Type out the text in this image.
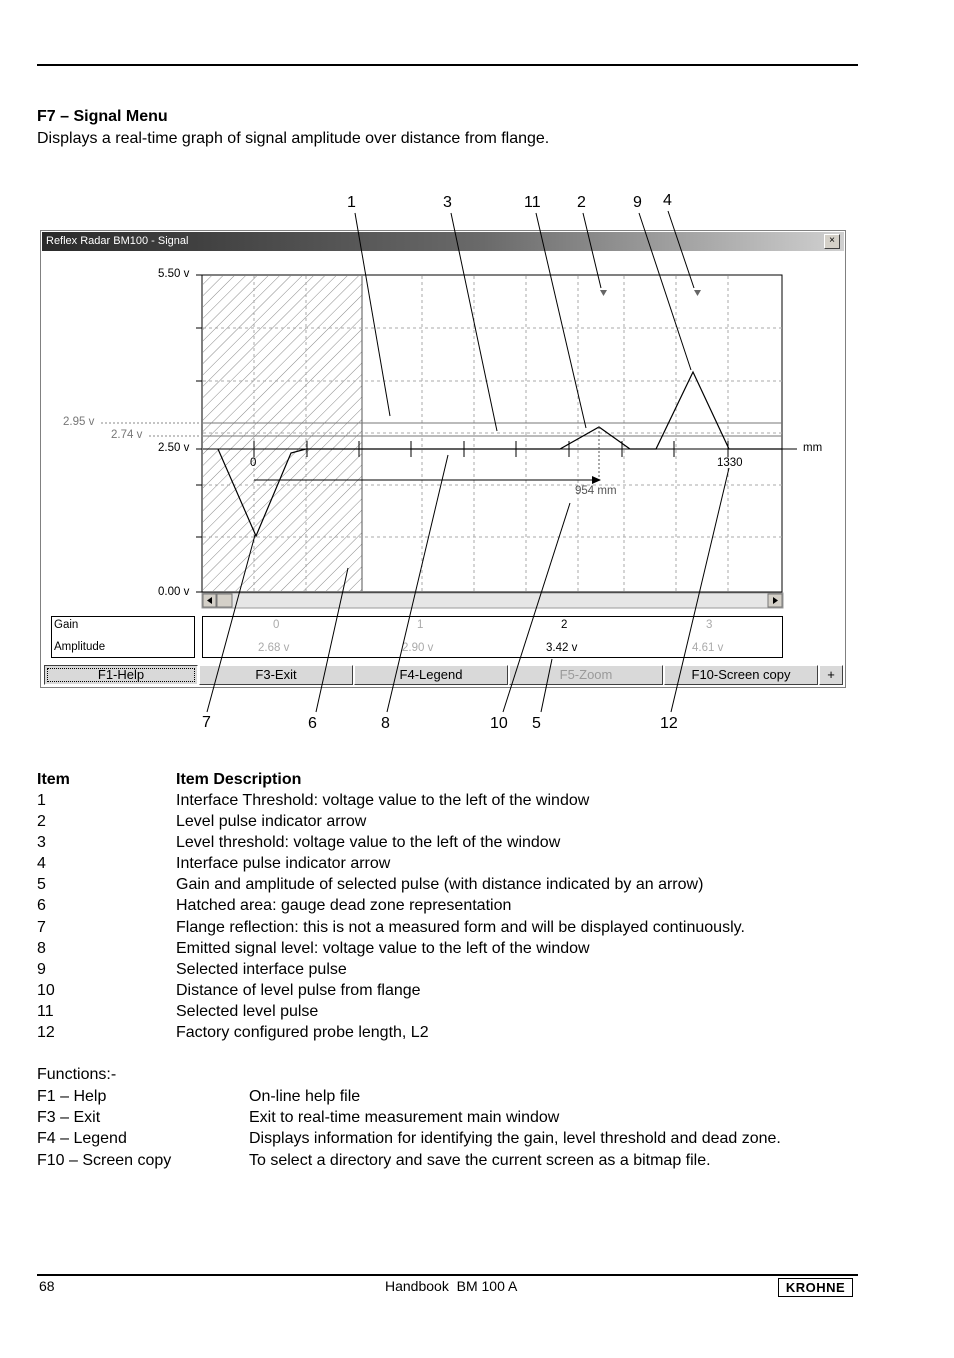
F7 – Signal Menu
Displays a real-time graph of signal amplitude over distance from flange.
1	3	11 2	9 4
7	6	8	10 5	12
Reflex Radar BM100 - Signal	×
5.50 v
2.95 v
2.74 v
2.50 v
0.00 v
mm
0	1330
954 mm
Gain
Amplitude
0	1	2	3
2.68 v	2.90 v	3.42 v	4.61 v
F1-Help	F3-Exit	F4-Legend	F5-Zoom	F10-Screen copy	+
Item	Item Description
1	Interface Threshold: voltage value to the left of the window
2	Level pulse indicator arrow
3	Level threshold: voltage value to the left of the window
4	Interface pulse indicator arrow
5	Gain and amplitude of selected pulse (with distance indicated by an arrow)
6	Hatched area: gauge dead zone representation
7	Flange reflection: this is not a measured form and will be displayed continuously.
8	Emitted signal level: voltage value to the left of the window
9	Selected interface pulse
10	Distance of level pulse from flange
11	Selected level pulse
12	Factory configured probe length, L2
Functions:-
F1 – Help	On-line help file
F3 – Exit	Exit to real-time measurement main window
F4 – Legend	Displays information for identifying the gain, level threshold and dead zone.
F10 – Screen copy	To select a directory and save the current screen as a bitmap file.
68	Handbook  BM 100 A	KROHNE
